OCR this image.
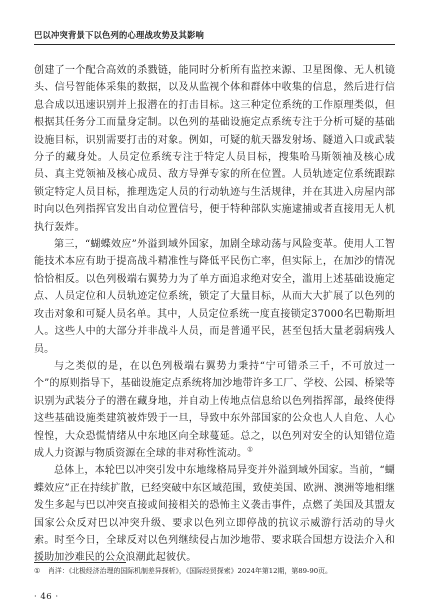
巴以冲突背景下以色列的心理战攻势及其影响

创建了一个配合高效的杀戮链，能同时分析所有监控来源、卫星图像、无人机镜头、信号智能体采集的数据，以及从监视个体和群体中收集的信息，然后进行信息合成以迅速识别并上报潜在的打击目标。这三种定位系统的工作原理类似，但根据其任务分工而量身定制。以色列的基础设施定点系统专注于分析可疑的基础设施目标，识别需要打击的对象。例如，可疑的航天器发射场、隧道入口或武装分子的藏身处。人员定位系统专注于特定人员目标，搜集哈马斯领袖及核心成员、真主党领袖及核心成员、敌方导弹专家的所在位置。人员轨迹定位系统跟踪锁定特定人员目标，推理选定人员的行动轨迹与生活规律，并在其进入房屋内部时向以色列指挥官发出自动位置信号，便于特种部队实施逮捕或者直接用无人机执行轰炸。

第三，“蝴蝶效应”外溢到域外国家，加剧全球动荡与风险变革。使用人工智能技术本应有助于提高战斗精准性与降低平民伤亡率，但实际上，在加沙的情况恰恰相反。以色列极端右翼势力为了单方面追求绝对安全，滥用上述基础设施定点、人员定位和人员轨迹定位系统，锁定了大量目标，从而大大扩展了以色列的攻击对象和可疑人员名单。其中，人员定位系统一度直接锁定37000名巴勒斯坦人。这些人中的大部分并非战斗人员，而是普通平民，甚至包括大量老弱病残人员。

与之类似的是，在以色列极端右翼势力秉持“宁可错杀三千，不可放过一个”的原则指导下，基础设施定点系统将加沙地带许多工厂、学校、公园、桥梁等识别为武装分子的潜在藏身地，并自动上传地点信息给以色列指挥部，最终使得这些基础设施类建筑被炸毁于一旦，导致中东外部国家的公众也人人自危、人心惶惶，大众恐慌情绪从中东地区向全球蔓延。总之，以色列对安全的认知错位造成人力资源与物质资源在全球的非对称性流动。①

总体上，本轮巴以冲突引发中东地缘格局异变并外溢到域外国家。当前，“蝴蝶效应”正在持续扩散，已经突破中东区域范围，致使美国、欧洲、澳洲等地相继发生多起与巴以冲突直接或间接相关的恐怖主义袭击事件，点燃了美国及其盟友国家公众反对巴以冲突升级、要求以色列立即停战的抗议示威游行活动的导火索。时至今日，全球反对以色列继续侵占加沙地带、要求联合国想方设法介入和援助加沙难民的公众浪潮此起彼伏。

①	肖洋：《北极经济治理的国际机制差异探析》，《国际经贸探索》2024年第12期，第89-90页。
· 46 ·
